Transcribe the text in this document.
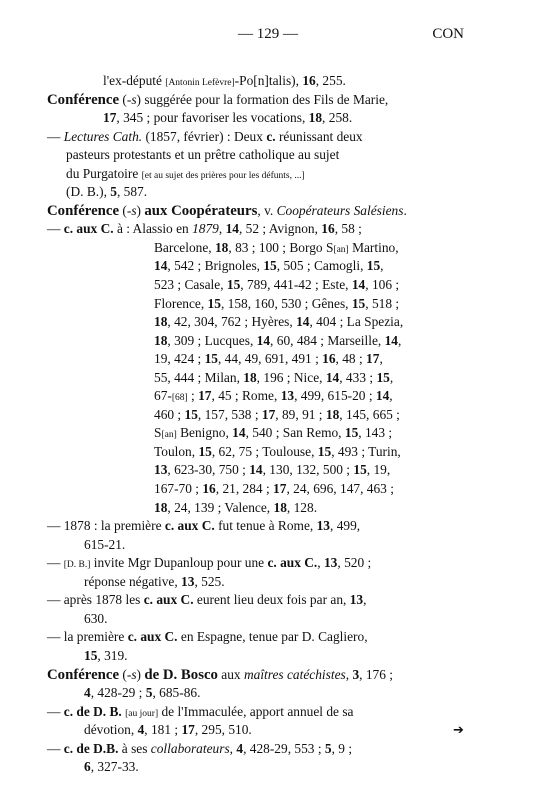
— 129 —	CON
l'ex-député [Antonin Lefèvre]-Po[n]talis), 16, 255.
Conférence (-s) suggérée pour la formation des Fils de Marie,
17, 345 ; pour favoriser les vocations, 18, 258.
— Lectures Cath. (1857, février) : Deux c. réunissant deux
pasteurs protestants et un prêtre catholique au sujet
du Purgatoire [et au sujet des prières pour les défunts, ...]
(D. B.), 5, 587.
Conférence (-s) aux Coopérateurs, v. Coopérateurs Salésiens.
— c. aux C. à : Alassio en 1879, 14, 52 ; Avignon, 16, 58 ;
Barcelone, 18, 83 ; 100 ; Borgo S[an] Martino,
14, 542 ; Brignoles, 15, 505 ; Camogli, 15,
523 ; Casale, 15, 789, 441-42 ; Este, 14, 106 ;
Florence, 15, 158, 160, 530 ; Gênes, 15, 518 ;
18, 42, 304, 762 ; Hyères, 14, 404 ; La Spezia,
18, 309 ; Lucques, 14, 60, 484 ; Marseille, 14,
19, 424 ; 15, 44, 49, 691, 491 ; 16, 48 ; 17,
55, 444 ; Milan, 18, 196 ; Nice, 14, 433 ; 15,
67-[68] ; 17, 45 ; Rome, 13, 499, 615-20 ; 14,
460 ; 15, 157, 538 ; 17, 89, 91 ; 18, 145, 665 ;
S[an] Benigno, 14, 540 ; San Remo, 15, 143 ;
Toulon, 15, 62, 75 ; Toulouse, 15, 493 ; Turin,
13, 623-30, 750 ; 14, 130, 132, 500 ; 15, 19,
167-70 ; 16, 21, 284 ; 17, 24, 696, 147, 463 ;
18, 24, 139 ; Valence, 18, 128.
— 1878 : la première c. aux C. fut tenue à Rome, 13, 499,
615-21.
— [D. B.] invite Mgr Dupanloup pour une c. aux C., 13, 520 ;
réponse négative, 13, 525.
— après 1878 les c. aux C. eurent lieu deux fois par an, 13,
630.
— la première c. aux C. en Espagne, tenue par D. Cagliero,
15, 319.
Conférence (-s) de D. Bosco aux maîtres catéchistes, 3, 176 ;
4, 428-29 ; 5, 685-86.
— c. de D. B. [au jour] de l'Immaculée, apport annuel de sa
dévotion, 4, 181 ; 17, 295, 510.
— c. de D.B. à ses collaborateurs, 4, 428-29, 553 ; 5, 9 ;
6, 327-33.
➔
